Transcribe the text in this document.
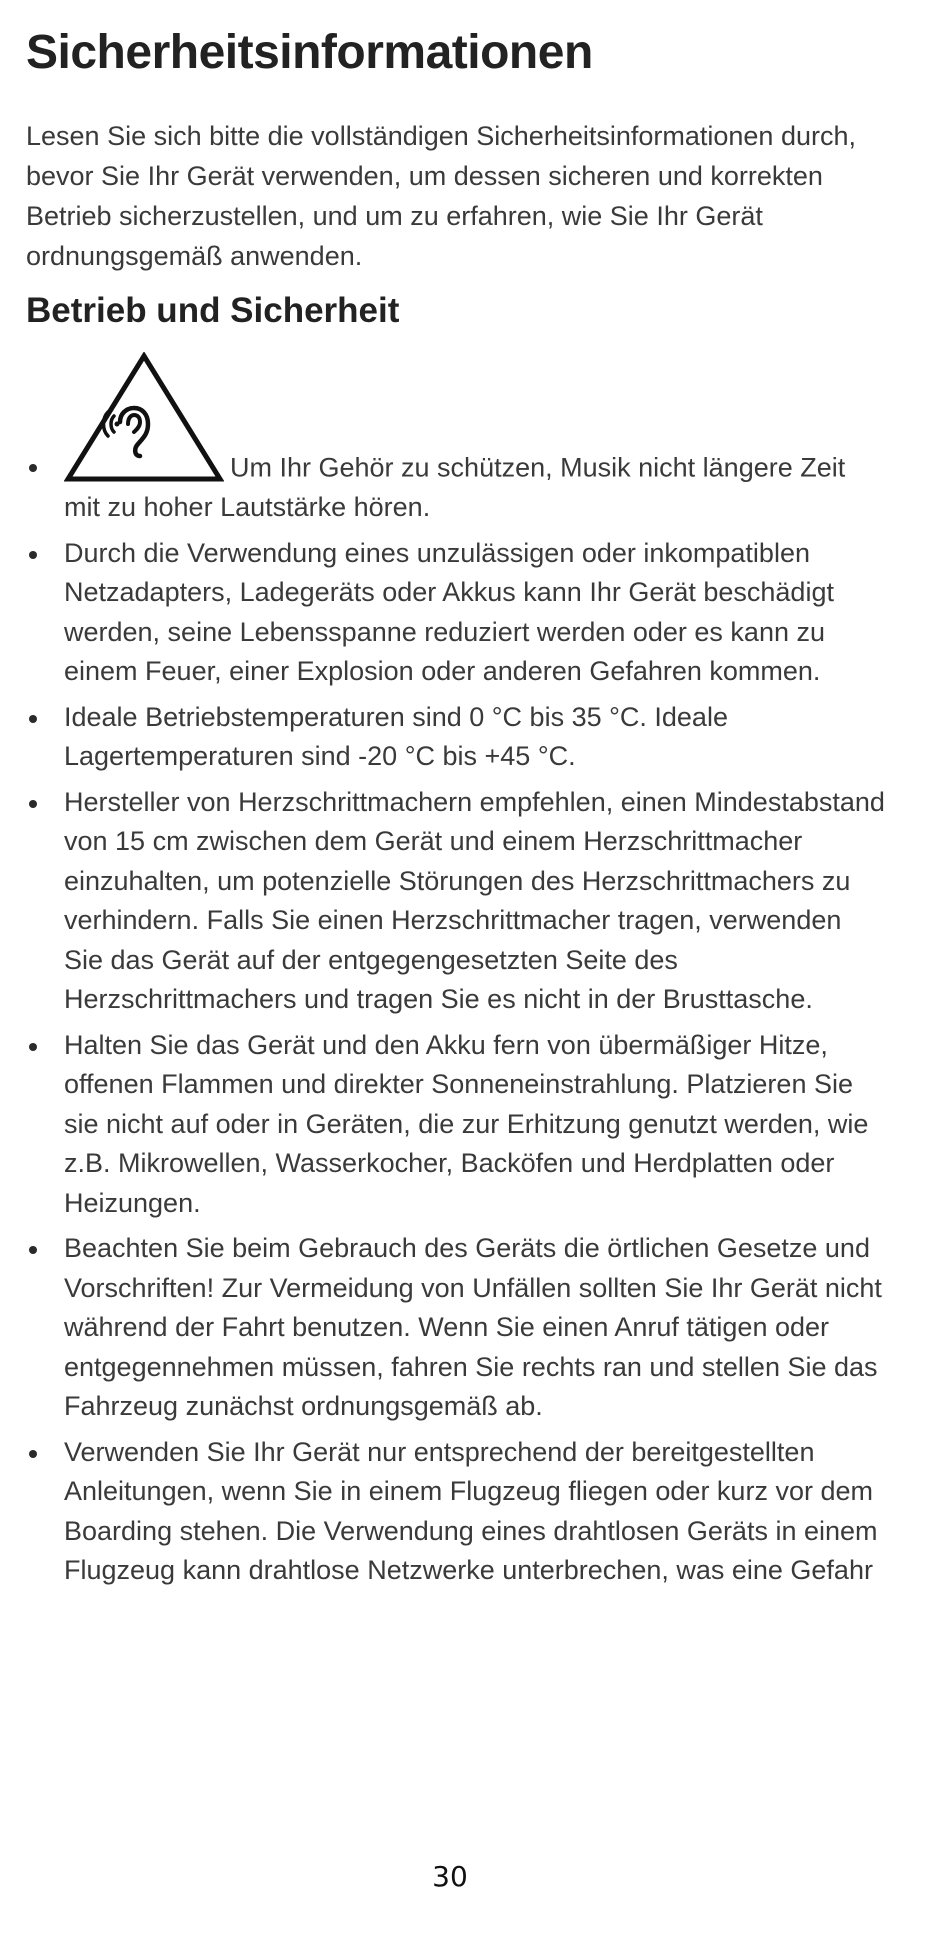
Sicherheitsinformationen

Lesen Sie sich bitte die vollständigen Sicherheitsinformationen durch, bevor Sie Ihr Gerät verwenden, um dessen sicheren und korrekten Betrieb sicherzustellen, und um zu erfahren, wie Sie Ihr Gerät ordnungsgemäß anwenden.

Betrieb und Sicherheit
Um Ihr Gehör zu schützen, Musik nicht längere Zeit mit zu hoher Lautstärke hören.
Durch die Verwendung eines unzulässigen oder inkompatiblen Netzadapters, Ladegeräts oder Akkus kann Ihr Gerät beschädigt werden, seine Lebensspanne reduziert werden oder es kann zu einem Feuer, einer Explosion oder anderen Gefahren kommen.
Ideale Betriebstemperaturen sind 0 °C bis 35 °C. Ideale Lagertemperaturen sind -20 °C bis +45 °C.
Hersteller von Herzschrittmachern empfehlen, einen Mindestabstand von 15 cm zwischen dem Gerät und einem Herzschrittmacher einzuhalten, um potenzielle Störungen des Herzschrittmachers zu verhindern. Falls Sie einen Herzschrittmacher tragen, verwenden Sie das Gerät auf der entgegengesetzten Seite des Herzschrittmachers und tragen Sie es nicht in der Brusttasche.
Halten Sie das Gerät und den Akku fern von übermäßiger Hitze, offenen Flammen und direkter Sonneneinstrahlung. Platzieren Sie sie nicht auf oder in Geräten, die zur Erhitzung genutzt werden, wie z.B. Mikrowellen, Wasserkocher, Backöfen und Herdplatten oder Heizungen.
Beachten Sie beim Gebrauch des Geräts die örtlichen Gesetze und Vorschriften! Zur Vermeidung von Unfällen sollten Sie Ihr Gerät nicht während der Fahrt benutzen. Wenn Sie einen Anruf tätigen oder entgegennehmen müssen, fahren Sie rechts ran und stellen Sie das Fahrzeug zunächst ordnungsgemäß ab.
Verwenden Sie Ihr Gerät nur entsprechend der bereitgestellten Anleitungen, wenn Sie in einem Flugzeug fliegen oder kurz vor dem Boarding stehen. Die Verwendung eines drahtlosen Geräts in einem Flugzeug kann drahtlose Netzwerke unterbrechen, was eine Gefahr
30
